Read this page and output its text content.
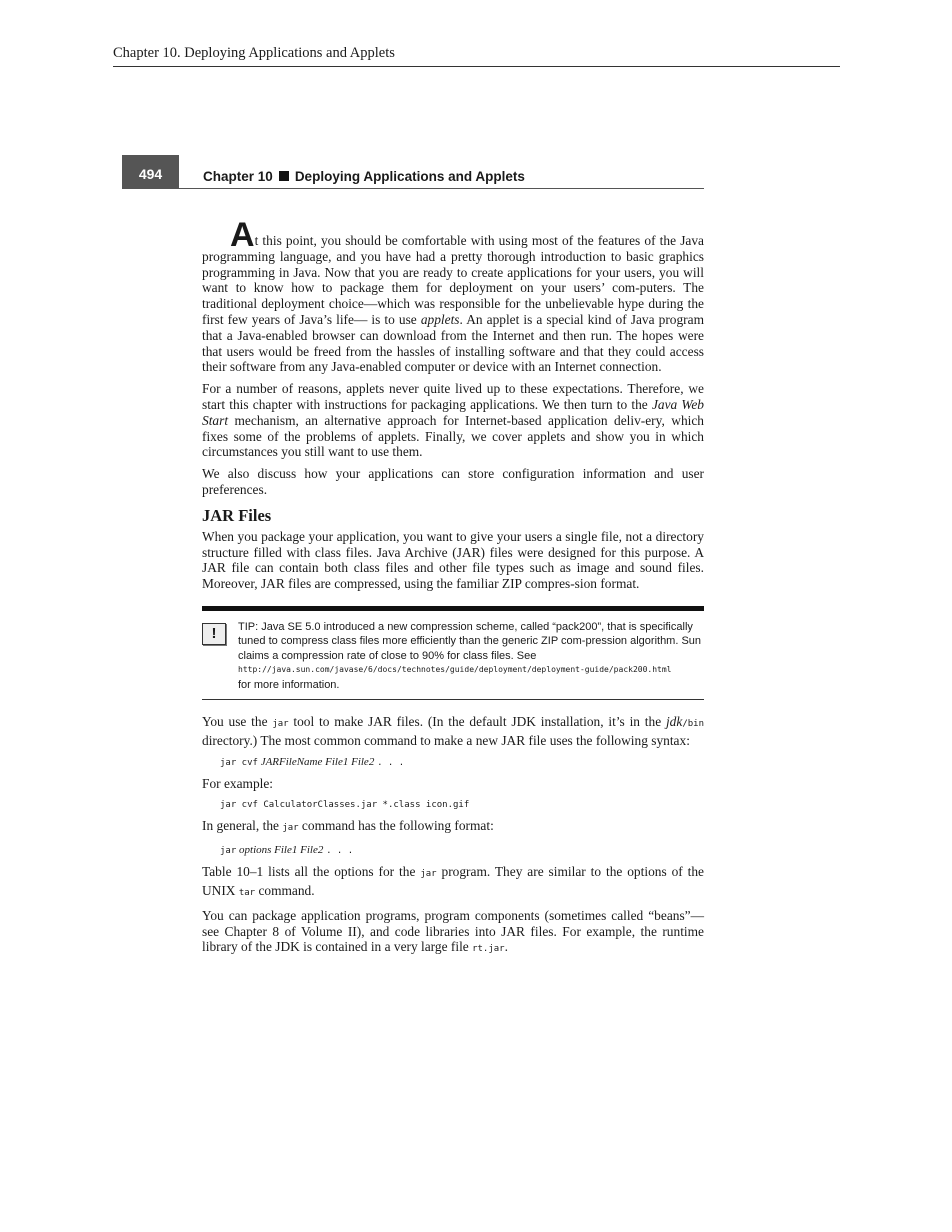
Chapter 10. Deploying Applications and Applets
494	Chapter 10 Deploying Applications and Applets

At this point, you should be comfortable with using most of the features of the Java programming language, and you have had a pretty thorough introduction to basic graphics programming in Java. Now that you are ready to create applications for your users, you will want to know how to package them for deployment on your users’ com-puters. The traditional deployment choice—which was responsible for the unbelievable hype during the first few years of Java’s life— is to use applets. An applet is a special kind of Java program that a Java-enabled browser can download from the Internet and then run. The hopes were that users would be freed from the hassles of installing software and that they could access their software from any Java-enabled computer or device with an Internet connection.

For a number of reasons, applets never quite lived up to these expectations. Therefore, we start this chapter with instructions for packaging applications. We then turn to the Java Web Start mechanism, an alternative approach for Internet-based application deliv-ery, which fixes some of the problems of applets. Finally, we cover applets and show you in which circumstances you still want to use them.

We also discuss how your applications can store configuration information and user preferences.

JAR Files

When you package your application, you want to give your users a single file, not a directory structure filled with class files. Java Archive (JAR) files were designed for this purpose. A JAR file can contain both class files and other file types such as image and sound files. Moreover, JAR files are compressed, using the familiar ZIP compres-sion format.

!	TIP: Java SE 5.0 introduced a new compression scheme, called “pack200”, that is specifically tuned to compress class files more efficiently than the generic ZIP com-pression algorithm. Sun claims a compression rate of close to 90% for class files. See
http://java.sun.com/javase/6/docs/technotes/guide/deployment/deployment-guide/pack200.html
for more information.

You use the jar tool to make JAR files. (In the default JDK installation, it’s in the jdk/bin directory.) The most common command to make a new JAR file uses the following syntax:

jar cvf JARFileName File1 File2 . . .

For example:

jar cvf CalculatorClasses.jar *.class icon.gif

In general, the jar command has the following format:

jar options File1 File2 . . .

Table 10–1 lists all the options for the jar program. They are similar to the options of the UNIX tar command.

You can package application programs, program components (sometimes called “beans”—see Chapter 8 of Volume II), and code libraries into JAR files. For example, the runtime library of the JDK is contained in a very large file rt.jar.
